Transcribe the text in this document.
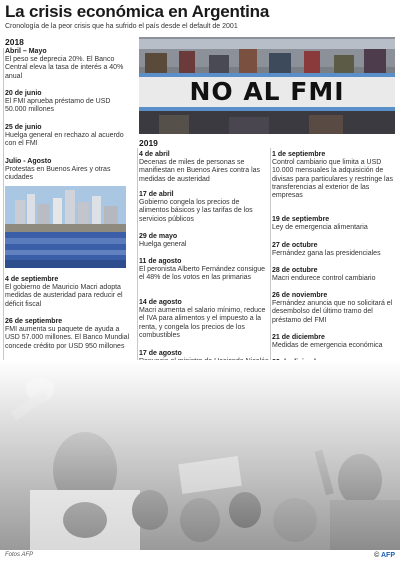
La crisis económica en Argentina
Cronología de la peor crisis que ha sufrido el país desde el default de 2001
2018
Abril – Mayo
El peso se deprecia 20%. El Banco Central eleva la tasa de interés a 40% anual
20 de junio
El FMI aprueba préstamo de USD 50.000 millones
25 de junio
Huelga general en rechazo al acuerdo con el FMI
Julio - Agosto
Protestas en Buenos Aires y otras ciudades
4 de septiembre
El gobierno de Mauricio Macri adopta medidas de austeridad para reducir el déficit fiscal
26 de septiembre
FMI aumenta su paquete de ayuda a USD 57.000 millones. El Banco Mundial concede crédito por USD 950 millones
NO AL FMI
2019
4 de abril
Decenas de miles de personas se manifiestan en Buenos Aires contra las medidas de austeridad
17 de abril
Gobierno congela los precios de alimentos básicos y las tarifas de los servicios públicos
29 de mayo
Huelga general
11 de agosto
El peronista Alberto Fernández consigue el 48% de los votos en las primarias
14 de agosto
Macri aumenta el salario mínimo, reduce el IVA para alimentos y el impuesto a la renta, y congela los precios de los combustibles
17 de agosto
1 de septiembre
Control cambiario que limita a USD 10.000 mensuales la adquisición de divisas para particulares y restringe las transferencias al exterior de las empresas
19 de septiembre
Ley de emergencia alimentaria
27 de octubre
Fernández gana las presidenciales
28 de octubre
Macri endurece control cambiario
26 de noviembre
Fernández anuncia que no solicitará el desembolso del último tramo del préstamo del FMI
21 de diciembre
Medidas de emergencia económica
Fotos AFP	© AFP
